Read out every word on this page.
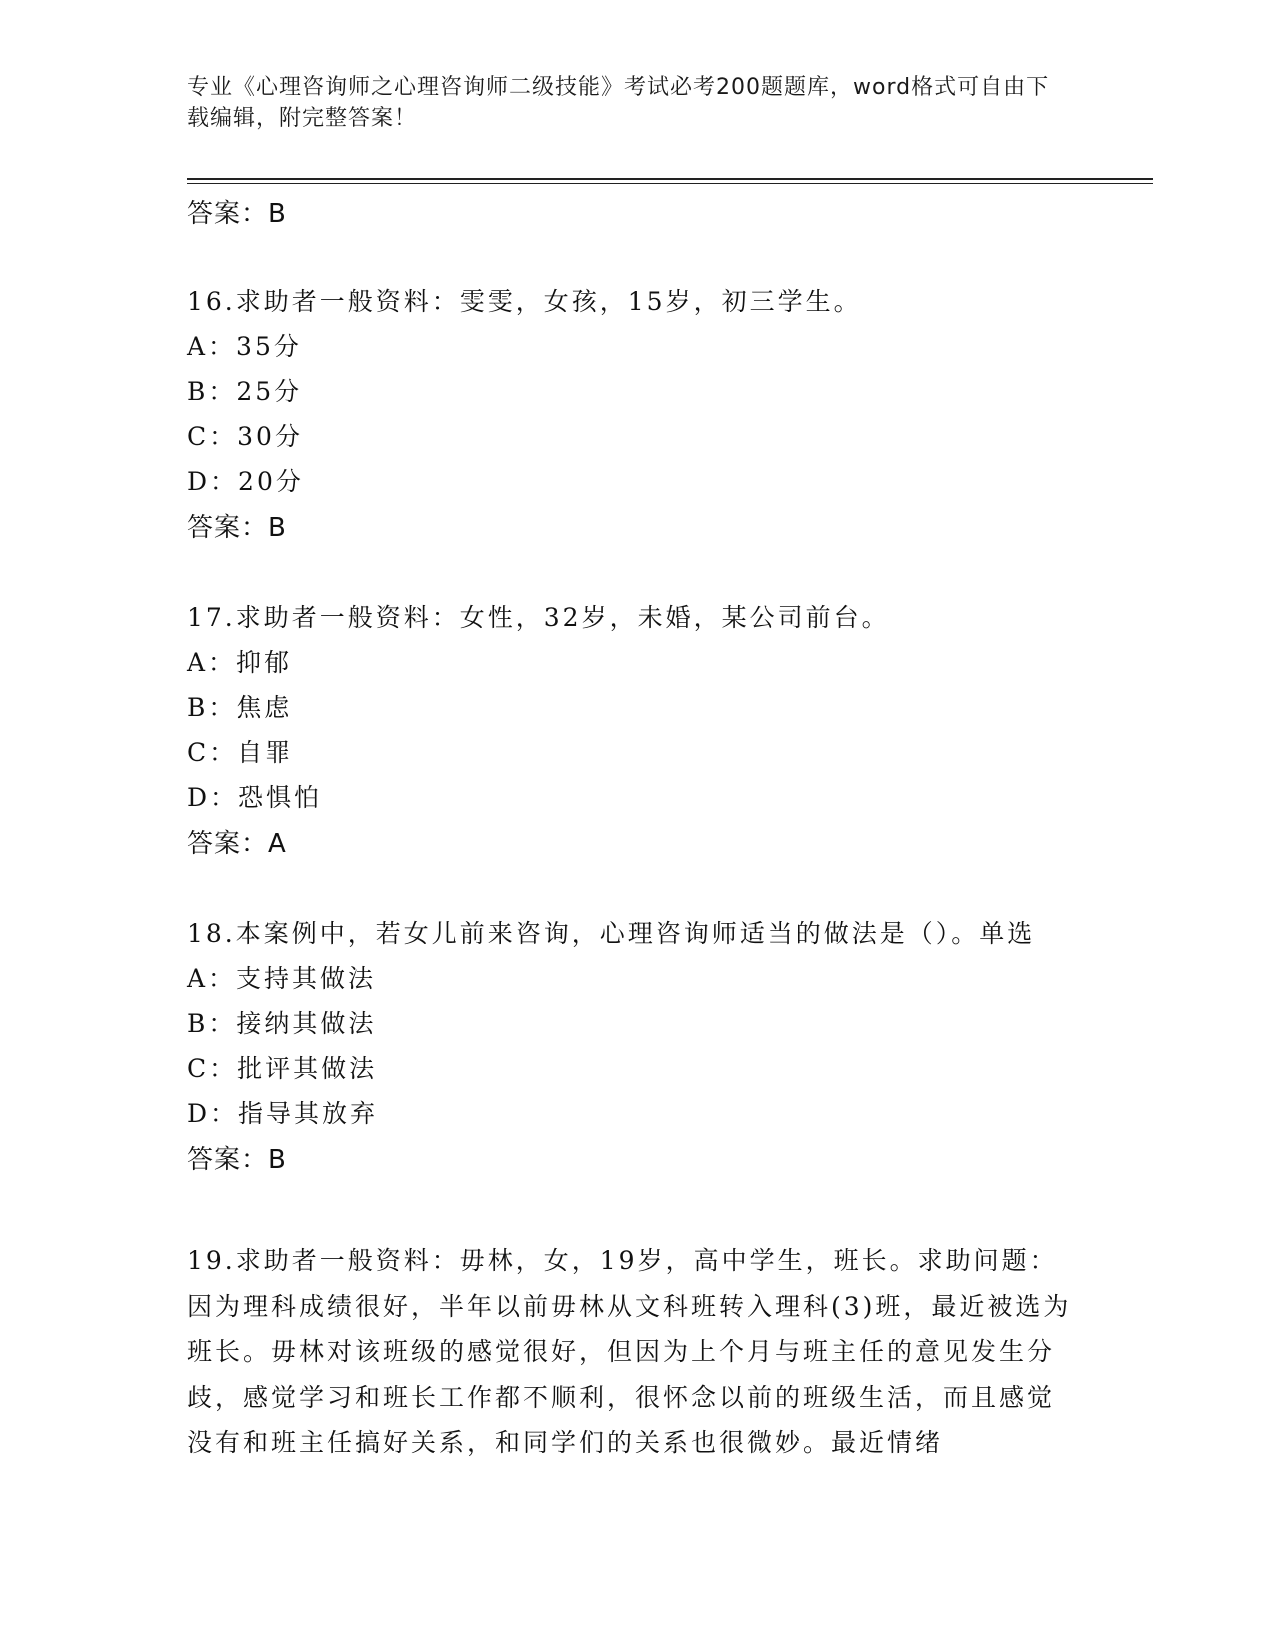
专业《心理咨询师之心理咨询师二级技能》考试必考200题题库，word格式可自由下载编辑，附完整答案！
答案：B
16.求助者一般资料：雯雯，女孩，15岁，初三学生。
A：35分
B：25分
C：30分
D：20分
答案：B
17.求助者一般资料：女性，32岁，未婚，某公司前台。
A：抑郁
B：焦虑
C：自罪
D：恐惧怕
答案：A
18.本案例中，若女儿前来咨询，心理咨询师适当的做法是（）。单选
A：支持其做法
B：接纳其做法
C：批评其做法
D：指导其放弃
答案：B
19.求助者一般资料：毋林，女，19岁，高中学生，班长。求助问题：因为理科成绩很好，半年以前毋林从文科班转入理科(3)班，最近被选为班长。毋林对该班级的感觉很好，但因为上个月与班主任的意见发生分歧，感觉学习和班长工作都不顺利，很怀念以前的班级生活，而且感觉没有和班主任搞好关系，和同学们的关系也很微妙。最近情绪
